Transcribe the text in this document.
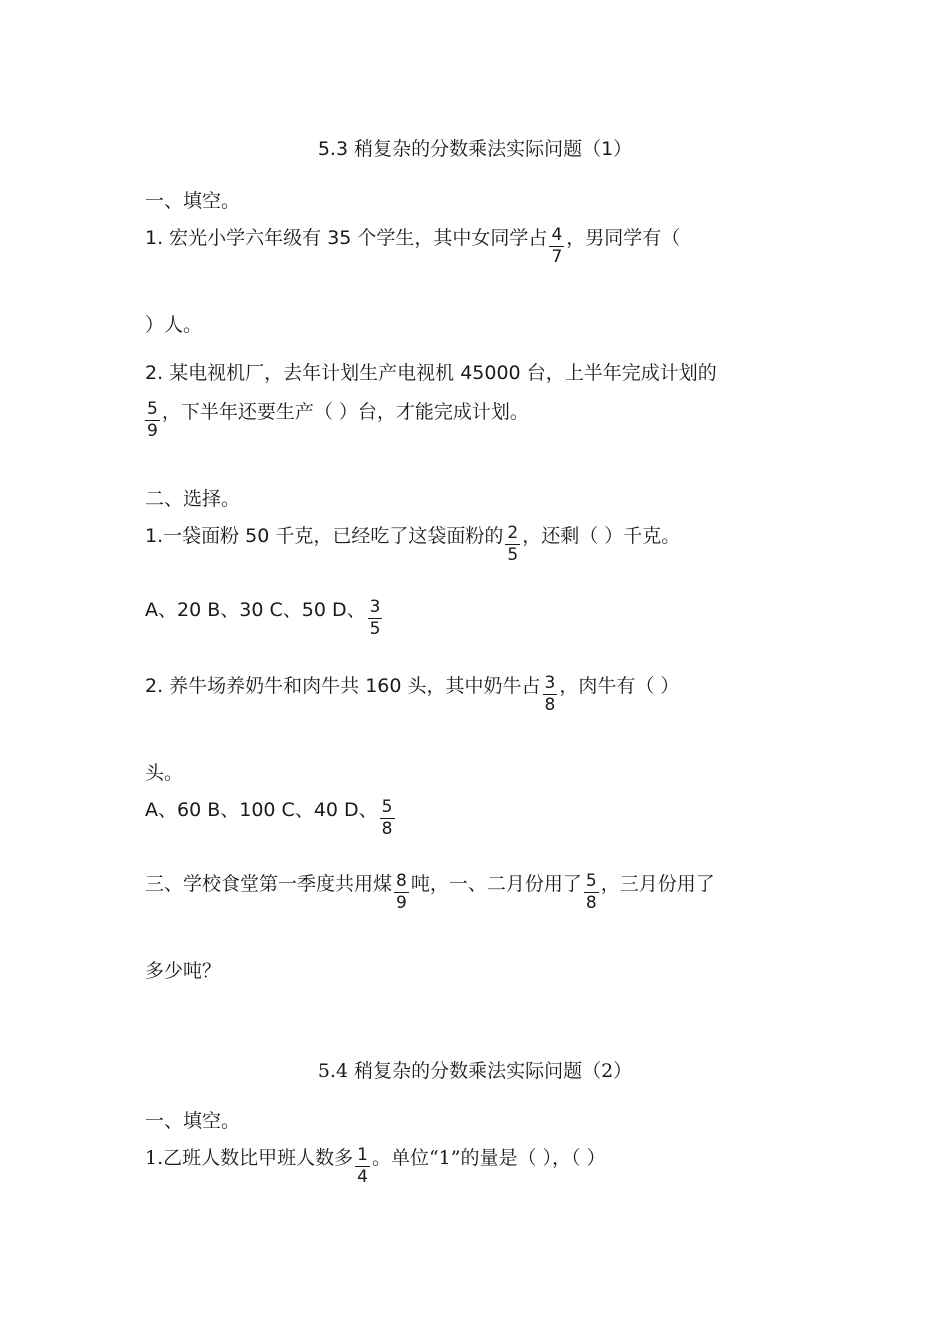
5.3 稍复杂的分数乘法实际问题（1）
一、填空。
1. 宏光小学六年级有 35 个学生，其中女同学占 $\frac{4}{7}$ ，男同学有（
）人。
2. 某电视机厂，去年计划生产电视机 45000 台，上半年完成计划的
$\frac{5}{9}$ ，下半年还要生产（ ）台，才能完成计划。
二、选择。
1.一袋面粉 50 千克，已经吃了这袋面粉的 $\frac{2}{5}$ ，还剩（ ）千克。
A、20 B、30 C、50 D、 $\frac{3}{5}$
2. 养牛场养奶牛和肉牛共 160 头，其中奶牛占 $\frac{3}{8}$ ，肉牛有（ ）
头。
A、60 B、100 C、40 D、 $\frac{5}{8}$
三、学校食堂第一季度共用煤 $\frac{8}{9}$ 吨，一、二月份用了 $\frac{5}{8}$ ，三月份用了
多少吨？
5.4 稍复杂的分数乘法实际问题（2）
一、填空。
1.乙班人数比甲班人数多 $\frac{1}{4}$ 。单位“1”的量是（ ），（ ）
